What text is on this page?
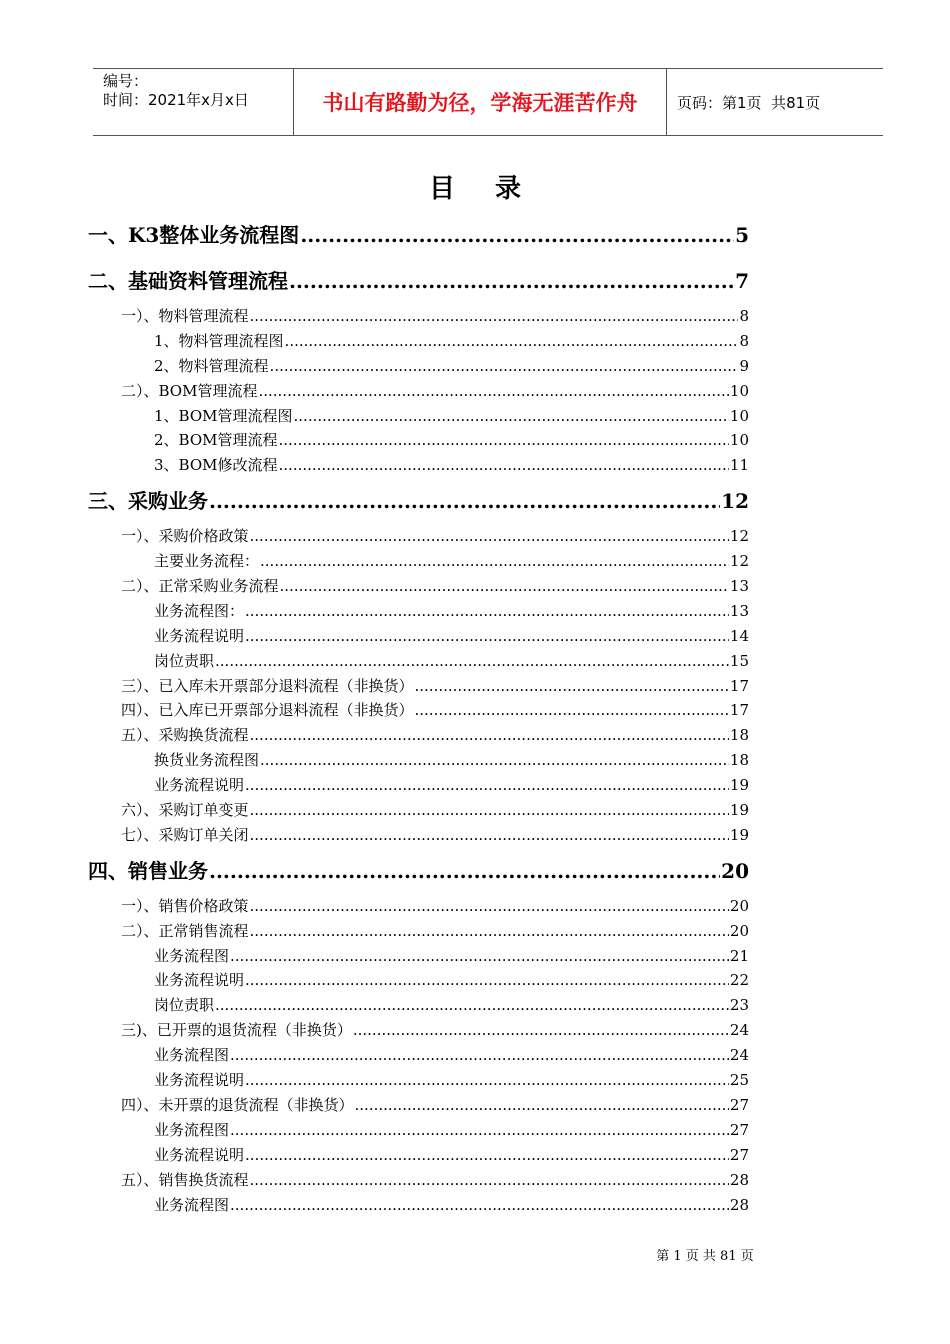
编号：
时间：2021年x月x日	书山有路勤为径，学海无涯苦作舟	页码：第1页  共81页
目录
一、K3整体业务流程图 .....	5
二、基础资料管理流程 .....	7
一）、物料管理流程 .....	8
1、物料管理流程图 .....	8
2、物料管理流程 .....	9
二）、BOM管理流程 .....	10
1、BOM管理流程图 .....	10
2、BOM管理流程 .....	10
3、BOM修改流程 .....	11
三、采购业务 .....	12
一）、采购价格政策 .....	12
主要业务流程： .....	12
二）、正常采购业务流程 .....	13
业务流程图： .....	13
业务流程说明 .....	14
岗位责职 .....	15
三）、已入库未开票部分退料流程（非换货） .....	17
四）、已入库已开票部分退料流程（非换货） .....	17
五）、采购换货流程 .....	18
换货业务流程图 .....	18
业务流程说明 .....	19
六）、采购订单变更 .....	19
七）、采购订单关闭 .....	19
四、销售业务 .....	20
一）、销售价格政策 .....	20
二）、正常销售流程 .....	20
业务流程图 .....	21
业务流程说明 .....	22
岗位责职 .....	23
三)、已开票的退货流程（非换货） .....	24
业务流程图 .....	24
业务流程说明 .....	25
四）、未开票的退货流程（非换货） .....	27
业务流程图 .....	27
业务流程说明 .....	27
五）、销售换货流程 .....	28
业务流程图 .....	28
第 1 页 共 81 页
